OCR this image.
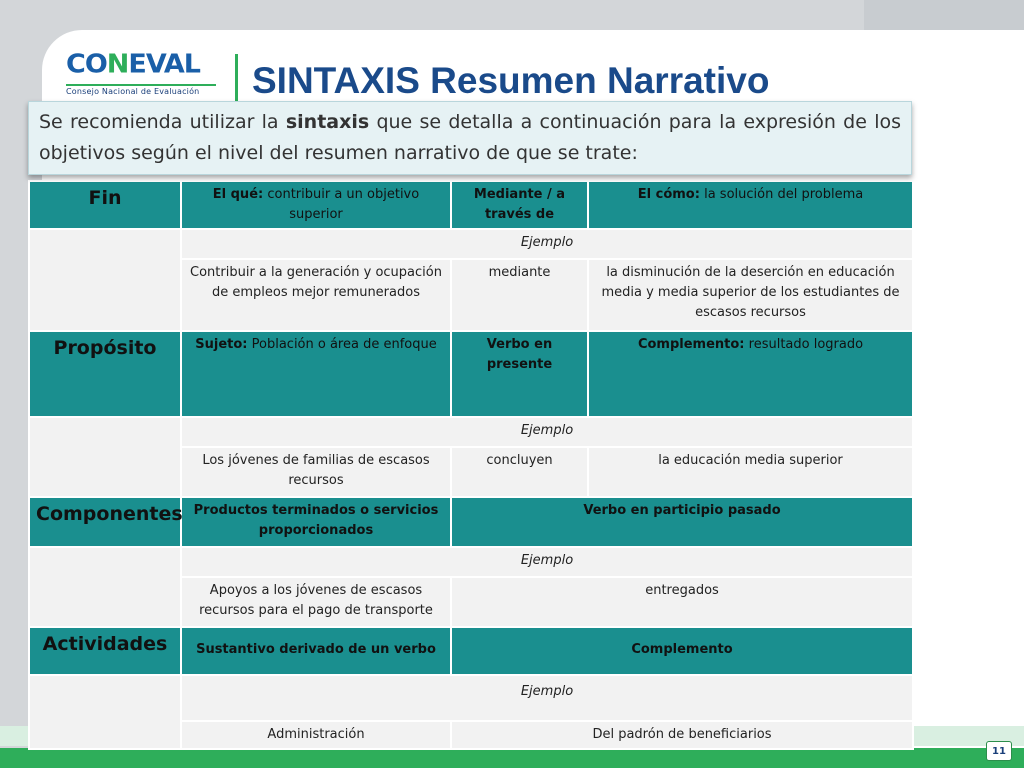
CONEVAL
Consejo Nacional de Evaluación	SINTAXIS Resumen Narrativo
Se recomienda utilizar la sintaxis que se detalla a continuación para la expresión de los objetivos según el nivel del resumen narrativo de que se trate:
Fin	El qué: contribuir a un objetivo superior	Mediante / a través de	El cómo: la solución del problema
	Ejemplo		
	Contribuir a la generación y ocupación de empleos mejor remunerados	mediante	la disminución de la deserción en educación media y media superior de los estudiantes de escasos recursos
Propósito	Sujeto: Población o área de enfoque	Verbo en presente	Complemento: resultado logrado
	Ejemplo		
	Los jóvenes de familias de escasos recursos	concluyen	la educación media superior
Componentes	Productos terminados o servicios proporcionados	Verbo en participio pasado	
	Ejemplo		
	Apoyos a los jóvenes de escasos recursos para el pago de transporte	entregados	
Actividades	Sustantivo derivado de un verbo	Complemento	
	Ejemplo		
	Administración	Del padrón de beneficiarios	
11
